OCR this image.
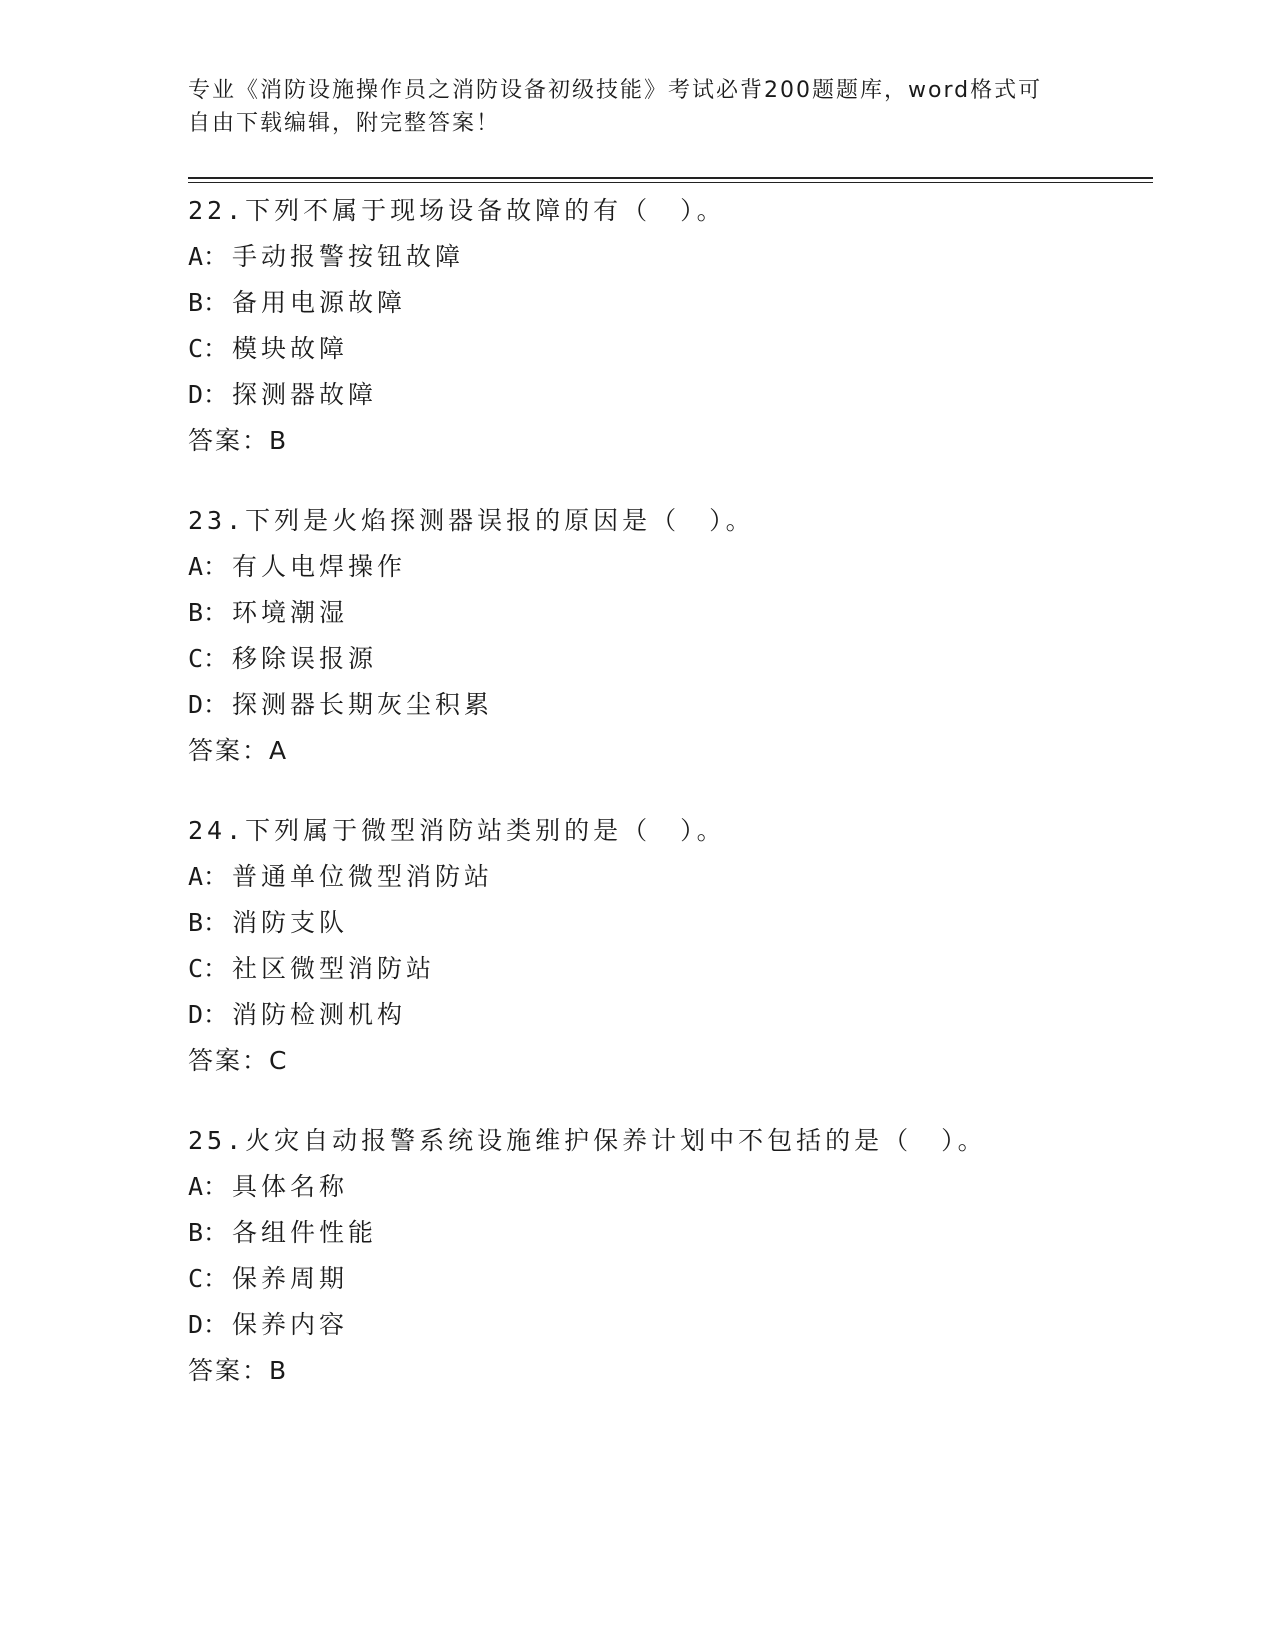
专业《消防设施操作员之消防设备初级技能》考试必背200题题库，word格式可
自由下载编辑，附完整答案！
22.下列不属于现场设备故障的有（　）。
A： 手动报警按钮故障
B： 备用电源故障
C： 模块故障
D： 探测器故障
答案：B
23.下列是火焰探测器误报的原因是（　）。
A： 有人电焊操作
B： 环境潮湿
C： 移除误报源
D： 探测器长期灰尘积累
答案：A
24.下列属于微型消防站类别的是（　）。
A： 普通单位微型消防站
B： 消防支队
C： 社区微型消防站
D： 消防检测机构
答案：C
25.火灾自动报警系统设施维护保养计划中不包括的是（　）。
A： 具体名称
B： 各组件性能
C： 保养周期
D： 保养内容
答案：B
